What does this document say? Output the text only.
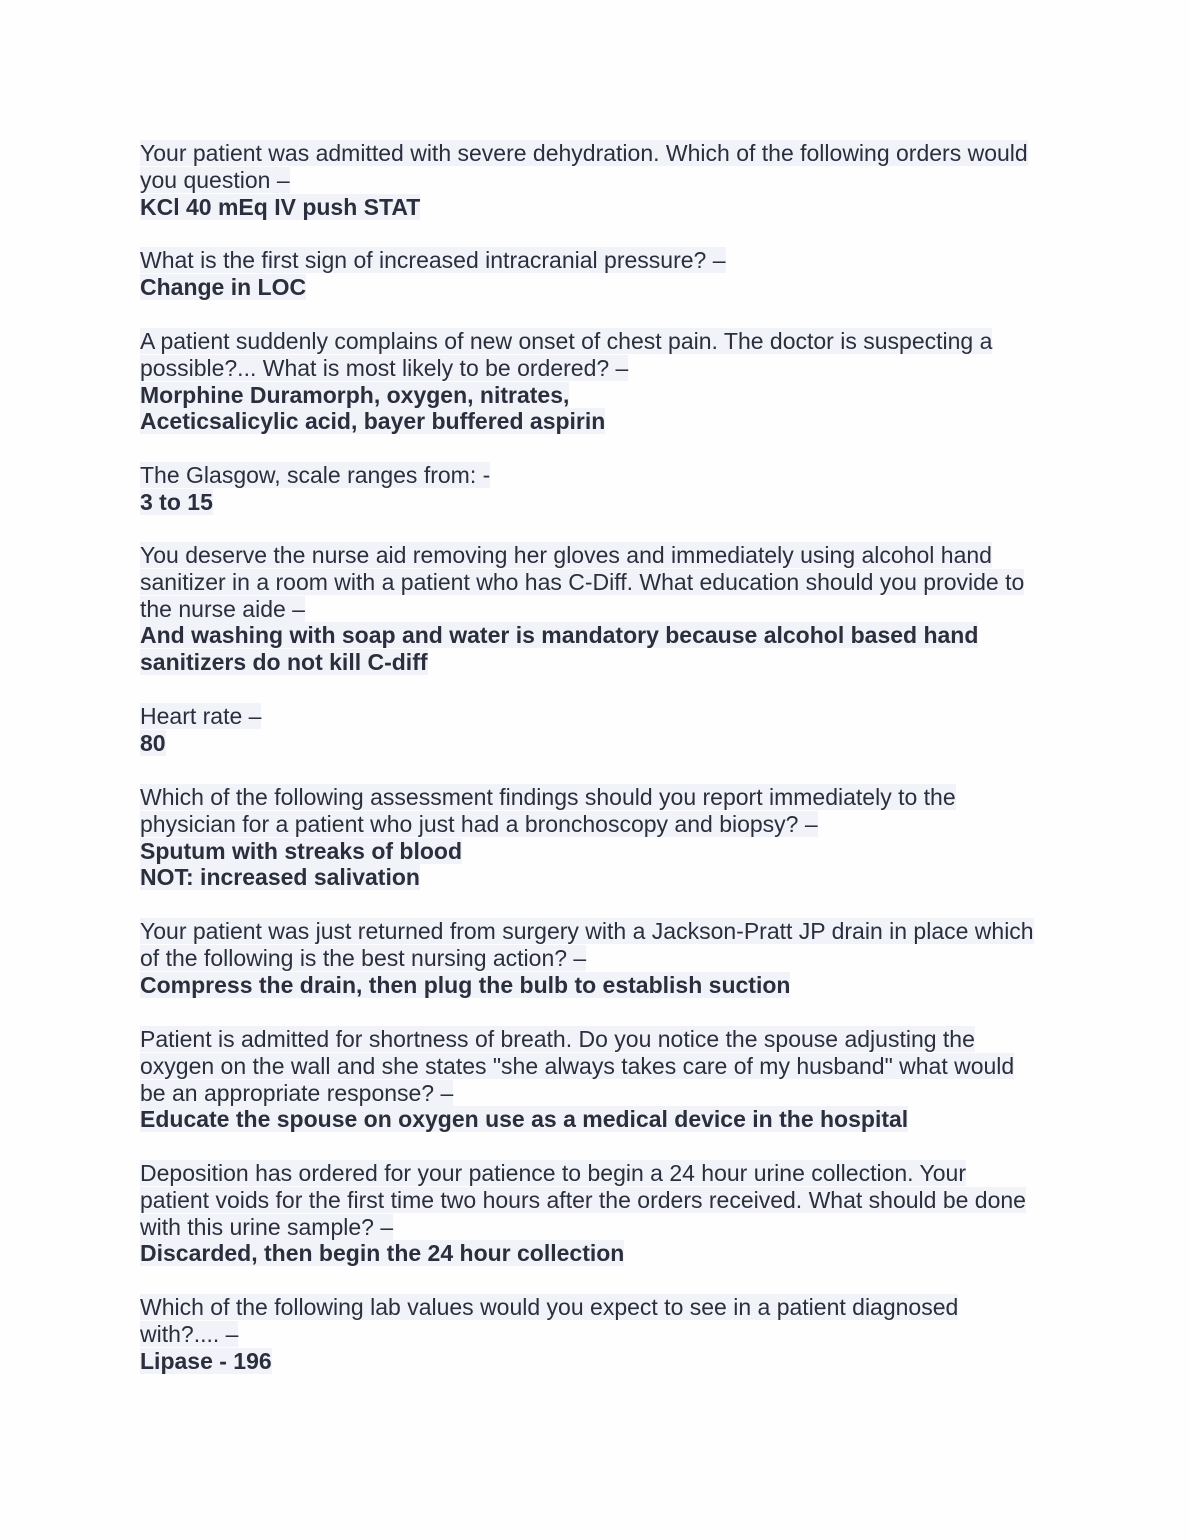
Your patient was admitted with severe dehydration. Which of the following orders would
you question –
KCl 40 mEq IV push STAT
What is the first sign of increased intracranial pressure? –
Change in LOC
A patient suddenly complains of new onset of chest pain. The doctor is suspecting a
possible?... What is most likely to be ordered? –
Morphine Duramorph, oxygen, nitrates,
Aceticsalicylic acid, bayer buffered aspirin
The Glasgow, scale ranges from: -
3 to 15
You deserve the nurse aid removing her gloves and immediately using alcohol hand
sanitizer in a room with a patient who has C-Diff. What education should you provide to
the nurse aide –
And washing with soap and water is mandatory because alcohol based hand
sanitizers do not kill C-diff
Heart rate –
80
Which of the following assessment findings should you report immediately to the
physician for a patient who just had a bronchoscopy and biopsy? –
Sputum with streaks of blood
NOT: increased salivation
Your patient was just returned from surgery with a Jackson-Pratt JP drain in place which
of the following is the best nursing action? –
Compress the drain, then plug the bulb to establish suction
Patient is admitted for shortness of breath. Do you notice the spouse adjusting the
oxygen on the wall and she states "she always takes care of my husband" what would
be an appropriate response? –
Educate the spouse on oxygen use as a medical device in the hospital
Deposition has ordered for your patience to begin a 24 hour urine collection. Your
patient voids for the first time two hours after the orders received. What should be done
with this urine sample? –
Discarded, then begin the 24 hour collection
Which of the following lab values would you expect to see in a patient diagnosed
with?.... –
Lipase - 196
